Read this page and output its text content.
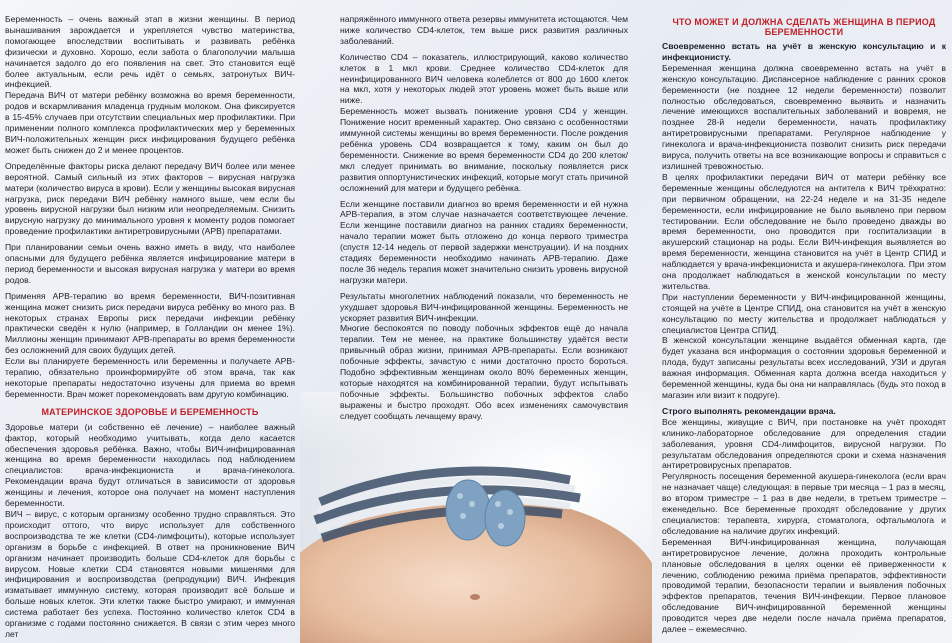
Беременность – очень важный этап в жизни женщины. В период вынашивания зарождается и укрепляется чувство материнства, помогающее впоследствии воспитывать и развивать ребёнка физически и духовно. Хорошо, если забота о благополучии малыша начинается задолго до его появления на свет. Это становится ещё более актуальным, если речь идёт о семьях, затронутых ВИЧ-инфекцией.

Передача ВИЧ от матери ребёнку возможна во время беременности, родов и вскармливания младенца грудным молоком. Она фиксируется в 15-45% случаев при отсутствии специальных мер профилактики. При применении полного комплекса профилактических мер у беременных ВИЧ-положительных женщин риск инфицирования будущего ребёнка может быть снижен до 2 и менее процентов.

Определённые факторы риска делают передачу ВИЧ более или менее вероятной. Самый сильный из этих факторов – вирусная нагрузка матери (количество вируса в крови). Если у женщины высокая вирусная нагрузка, риск передачи ВИЧ ребёнку намного выше, чем если бы уровень вирусной нагрузки был низким или неопределяемым. Снизить вирусную нагрузку до минимального уровня к моменту родов помогает проведение профилактики антиретровирусными (АРВ) препаратами.

При планировании семьи очень важно иметь в виду, что наиболее опасными для будущего ребёнка является инфицирование матери в период беременности и высокая вирусная нагрузка у матери во время родов.

Применяя АРВ-терапию во время беременности, ВИЧ-позитивная женщина может снизить риск передачи вируса ребёнку во много раз. В некоторых странах Европы риск передачи инфекции ребёнку практически сведён к нулю (например, в Голландии он менее 1%). Миллионы женщин принимают АРВ-препараты во время беременности без осложнений для своих будущих детей.

Если вы планируете беременность или беременны и получаете АРВ-терапию, обязательно проинформируйте об этом врача, так как некоторые препараты недостаточно изучены для приема во время беременности. Врач может порекомендовать вам другую комбинацию.

МАТЕРИНСКОЕ ЗДОРОВЬЕ И БЕРЕМЕННОСТЬ

Здоровье матери (и собственно её лечение) – наиболее важный фактор, который необходимо учитывать, когда дело касается обеспечения здоровья ребёнка. Важно, чтобы ВИЧ-инфицированная женщина во время беременности находилась под наблюдением специалистов: врача-инфекциониста и врача-гинеколога. Рекомендации врача будут отличаться в зависимости от здоровья женщины и лечения, которое она получает на момент наступления беременности.

ВИЧ – вирус, с которым организму особенно трудно справляться. Это происходит оттого, что вирус использует для собственного воспроизводства те же клетки (CD4-лимфоциты), которые использует организм в борьбе с инфекцией. В ответ на проникновение ВИЧ организм начинает производить больше CD4-клеток для борьбы с вирусом. Новые клетки CD4 становятся новыми мишенями для инфицирования и воспроизводства (репродукции) ВИЧ. Инфекция изматывает иммунную систему, которая производит всё больше и больше новых клеток. Эти клетки также быстро умирают, и иммунная система работает без успеха. Постоянно количество клеток CD4 в организме с годами постоянно снижается. В связи с этим через много лет

напряжённого иммунного ответа резервы иммунитета истощаются. Чем ниже количество CD4-клеток, тем выше риск развития различных заболеваний.

Количество CD4 – показатель, иллюстрирующий, каково количество клеток в 1 мкл крови. Среднее количество CD4-клеток для неинфицированного ВИЧ человека колеблется от 800 до 1600 клеток на мкл, хотя у некоторых людей этот уровень может быть выше или ниже.

Беременность может вызвать понижение уровня CD4 у женщин. Понижение носит временный характер. Оно связано с особенностями иммунной системы женщины во время беременности. После рождения ребёнка уровень CD4 возвращается к тому, каким он был до беременности. Снижение во время беременности CD4 до 200 клеток/мкл следует принимать во внимание, поскольку появляется риск развития оппортунистических инфекций, которые могут стать причиной осложнений для матери и будущего ребёнка.

Если женщине поставили диагноз во время беременности и ей нужна АРВ-терапия, в этом случае назначается соответствующее лечение. Если женщине поставили диагноз на ранних стадиях беременности, начало терапии может быть отложено до конца первого триместра (спустя 12-14 недель от первой задержки менструации). И на поздних стадиях беременности необходимо начинать АРВ-терапию. Даже после 36 недель терапия может значительно снизить уровень вирусной нагрузки матери.

Результаты многолетних наблюдений показали, что беременность не ухудшает здоровья ВИЧ-инфицированной женщины. Беременность не ускоряет развития ВИЧ-инфекции.

Многие беспокоятся по поводу побочных эффектов ещё до начала терапии. Тем не менее, на практике большинству удаётся вести привычный образ жизни, принимая АРВ-препараты. Если возникают побочные эффекты, зачастую с ними достаточно просто бороться. Подобно эффективным женщинам около 80% беременных женщин, которые находятся на комбинированной терапии, будут испытывать побочные эффекты. Большинство побочных эффектов слабо выражены и быстро проходят. Обо всех изменениях самочувствия следует сообщать лечащему врачу.

ЧТО МОЖЕТ И ДОЛЖНА СДЕЛАТЬ ЖЕНЩИНА В ПЕРИОД БЕРЕМЕННОСТИ

Своевременно встать на учёт в женскую консультацию и к инфекционисту.

Беременная женщина должна своевременно встать на учёт в женскую консультацию. Диспансерное наблюдение с ранних сроков беременности (не позднее 12 недели беременности) позволит полностью обследоваться, своевременно выявить и назначить лечение имеющихся воспалительных заболеваний и вовремя, не позднее 28-й недели беременности, начать профилактику антиретровирусными препаратами. Регулярное наблюдение у гинеколога и врача-инфекциониста позволит снизить риск передачи вируса, получить ответы на все возникающие вопросы и справиться с излишней тревожностью.

В целях профилактики передачи ВИЧ от матери ребёнку все беременные женщины обследуются на антитела к ВИЧ трёхкратно: при первичном обращении, на 22-24 неделе и на 31-35 неделе беременности, если инфицирование не было выявлено при первом тестировании. Если обследование не было проведено дважды во время беременности, оно проводится при госпитализации в акушерский стационар на роды. Если ВИЧ-инфекция выявляется во время беременности, женщина становится на учёт в Центр СПИД и наблюдается у врача-инфекциониста и акушера-гинеколога. При этом она продолжает наблюдаться в женской консультации по месту жительства.

При наступлении беременности у ВИЧ-инфицированной женщины, стоящей на учёте в Центре СПИД, она становится на учёт в женскую консультацию по месту жительства и продолжает наблюдаться у специалистов Центра СПИД.

В женской консультации женщине выдаётся обменная карта, где будет указана вся информация о состоянии здоровья беременной и плода, будут записаны результаты всех исследований, УЗИ и другая важная информация. Обменная карта должна всегда находиться у беременной женщины, куда бы она ни направлялась (будь это поход в магазин или визит к подруге).

Строго выполнять рекомендации врача.

Все женщины, живущие с ВИЧ, при постановке на учёт проходят клинико-лабораторное обследование для определения стадии заболевания, уровня CD4-лимфоцитов, вирусной нагрузки. По результатам обследования определяются сроки и схема назначения антиретровирусных препаратов.

Регулярность посещения беременной акушера-гинеколога (если врач не назначает чаще) следующая: в первые три месяца – 1 раз в месяц, во втором триместре – 1 раз в две недели, в третьем триместре – еженедельно. Все беременные проходят обследование у других специалистов: терапевта, хирурга, стоматолога, офтальмолога и обследование на наличие других инфекций.

Беременная ВИЧ-инфицированная женщина, получающая антиретровирусное лечение, должна проходить контрольные плановые обследования в целях оценки её приверженности к лечению, соблюдению режима приёма препаратов, эффективности проводимой терапии, безопасности терапии и выявления побочных эффектов препаратов, течения ВИЧ-инфекции. Первое плановое обследование ВИЧ-инфицированной беременной женщины проводится через две недели после начала приёма препаратов, далее – ежемесячно.
